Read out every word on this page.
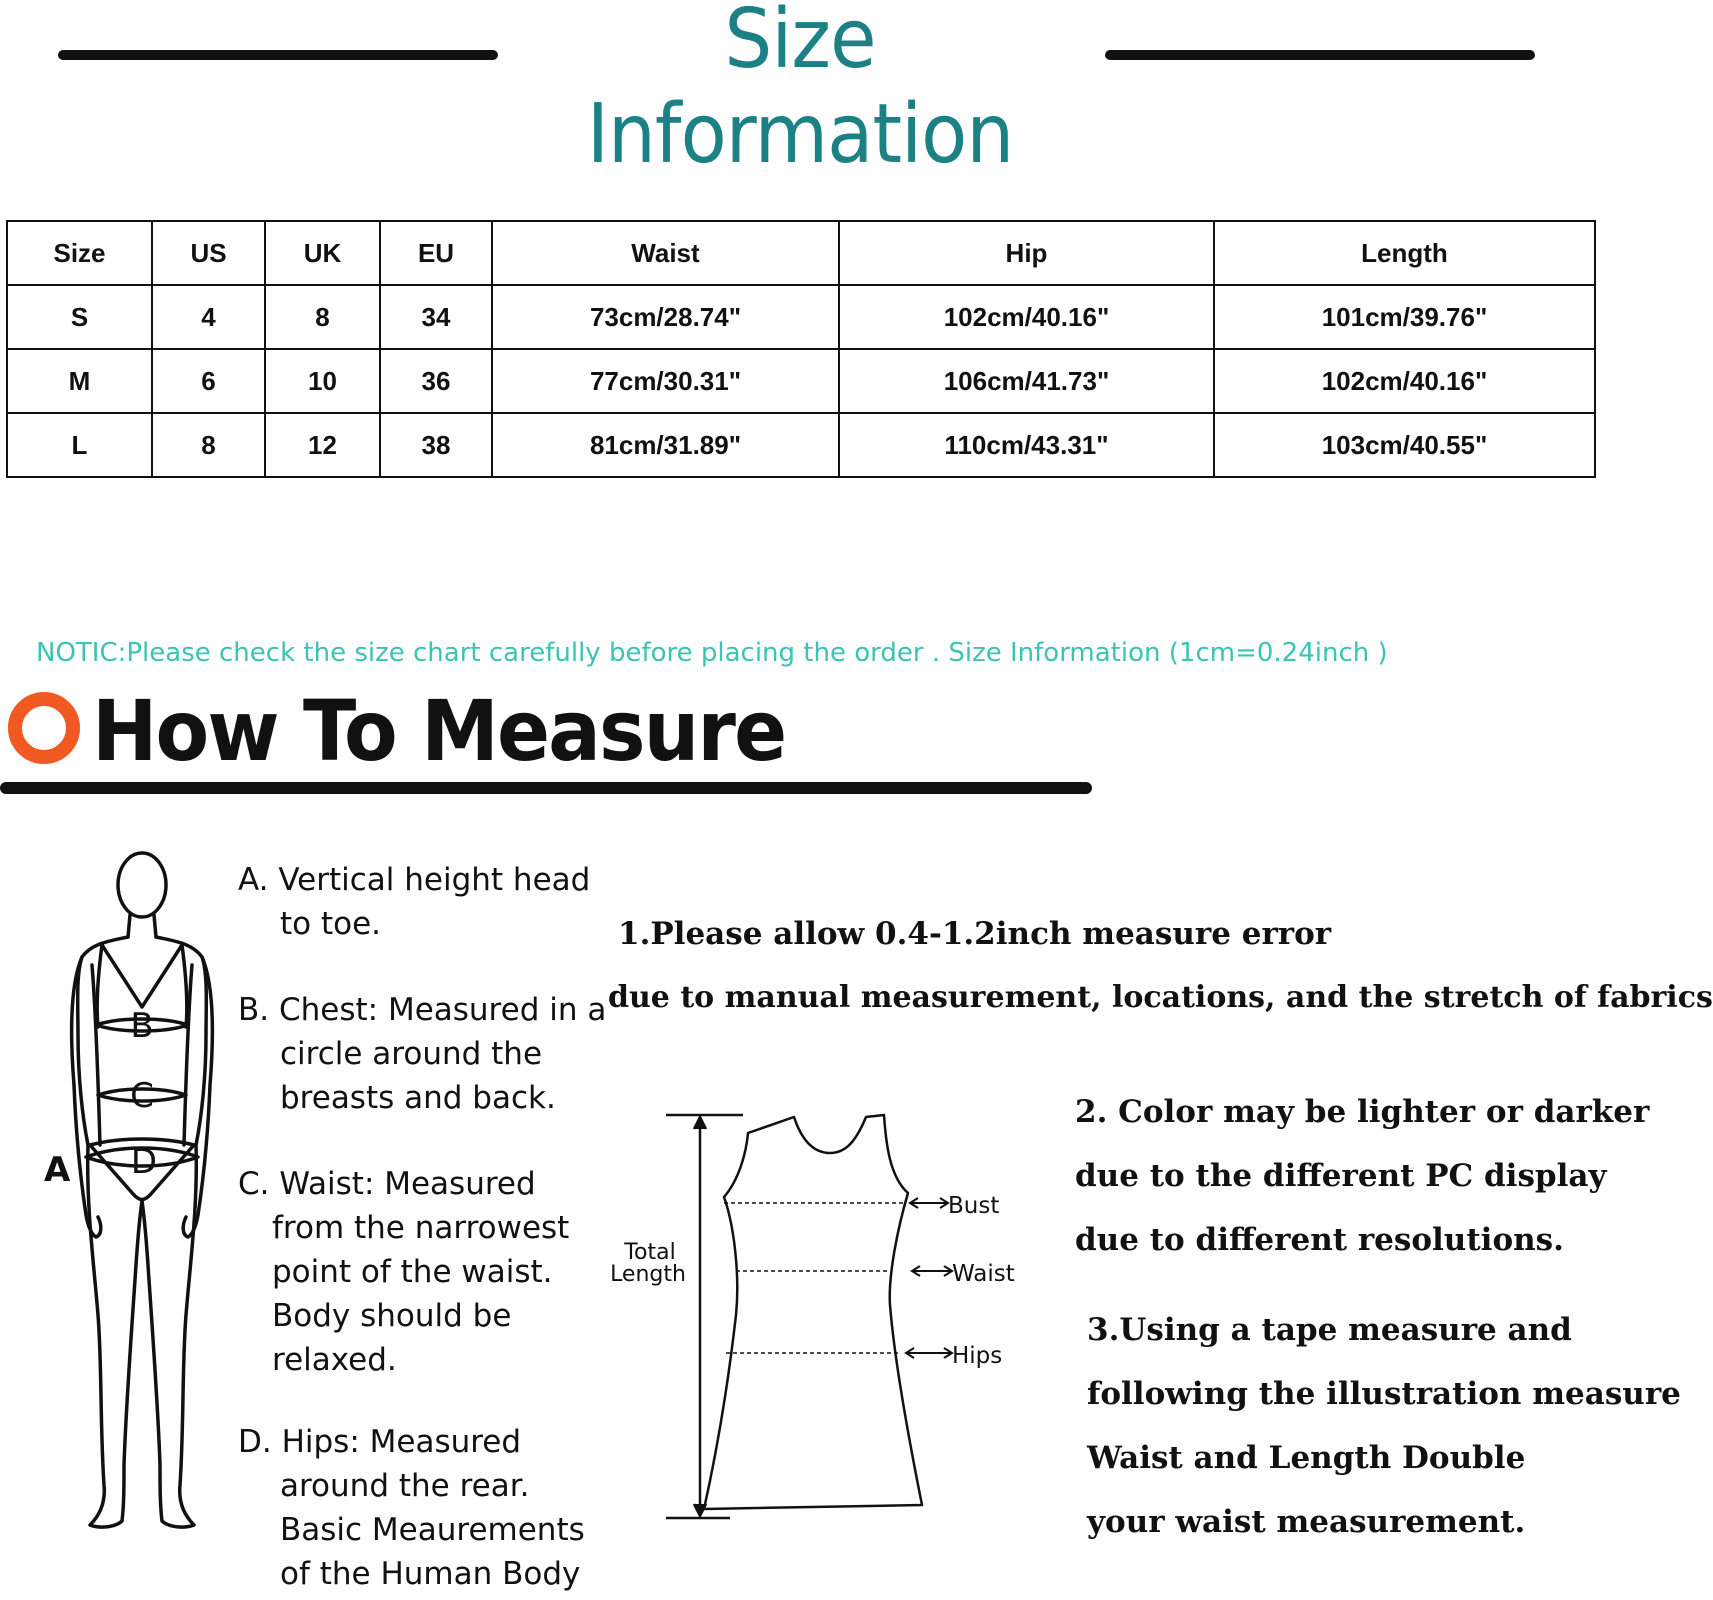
Size Information
Size	US	UK	EU	Waist	Hip	Length
S	4	8	34	73cm/28.74"	102cm/40.16"	101cm/39.76"
M	6	10	36	77cm/30.31"	106cm/41.73"	102cm/40.16"
L	8	12	38	81cm/31.89"	110cm/43.31"	103cm/40.55"
NOTIC:Please check the size chart carefully before placing the order . Size Information (1cm=0.24inch )
How To Measure
B
C
D
A
A. Vertical height head
to toe.
B. Chest: Measured in a
circle around the
breasts and back.
C. Waist: Measured
from the narrowest
point of the waist.
Body should be
relaxed.
D. Hips: Measured
around the rear.
Basic Meaurements
of the Human Body
1.Please allow 0.4-1.2inch measure error
due to manual measurement, locations, and the stretch of fabrics
2. Color may be lighter or darker
due to the different PC display
due to different resolutions.
3.Using a tape measure and
following the illustration measure
Waist and Length Double
your waist measurement.
Bust
Waist
Hips
Total
Length
